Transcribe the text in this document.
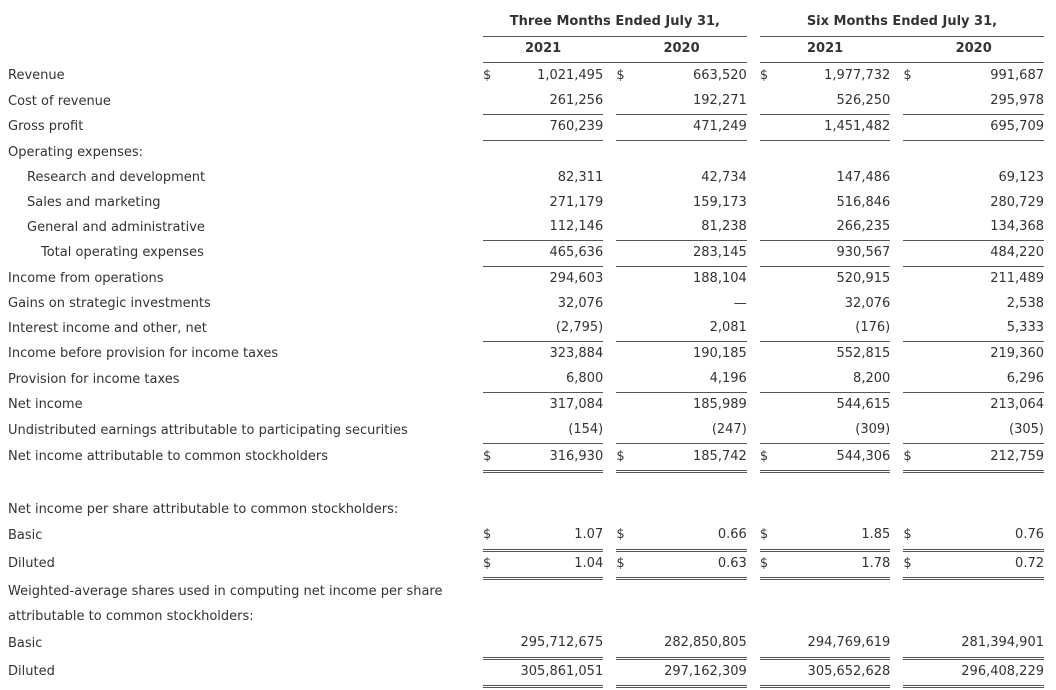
		Three Months Ended July 31,						Six Months Ended July 31,				
		2021			2020			2021			2020	
Revenue		$	1,021,495		$	663,520		$	1,977,732		$	991,687
Cost of revenue			261,256			192,271			526,250			295,978
Gross profit			760,239			471,249			1,451,482			695,709
Operating expenses:												
Research and development			82,311			42,734			147,486			69,123
Sales and marketing			271,179			159,173			516,846			280,729
General and administrative			112,146			81,238			266,235			134,368
Total operating expenses			465,636			283,145			930,567			484,220
Income from operations			294,603			188,104			520,915			211,489
Gains on strategic investments			32,076			—			32,076			2,538
Interest income and other, net			(2,795)			2,081			(176)			5,333
Income before provision for income taxes			323,884			190,185			552,815			219,360
Provision for income taxes			6,800			4,196			8,200			6,296
Net income			317,084			185,989			544,615			213,064
Undistributed earnings attributable to participating securities			(154)			(247)			(309)			(305)
Net income attributable to common stockholders		$	316,930		$	185,742		$	544,306		$	212,759

Net income per share attributable to common stockholders:												
Basic		$	1.07		$	0.66		$	1.85		$	0.76
Diluted		$	1.04		$	0.63		$	1.78		$	0.72
Weighted-average shares used in computing net income per share attributable to common stockholders:												
Basic			295,712,675			282,850,805			294,769,619			281,394,901
Diluted			305,861,051			297,162,309			305,652,628			296,408,229
